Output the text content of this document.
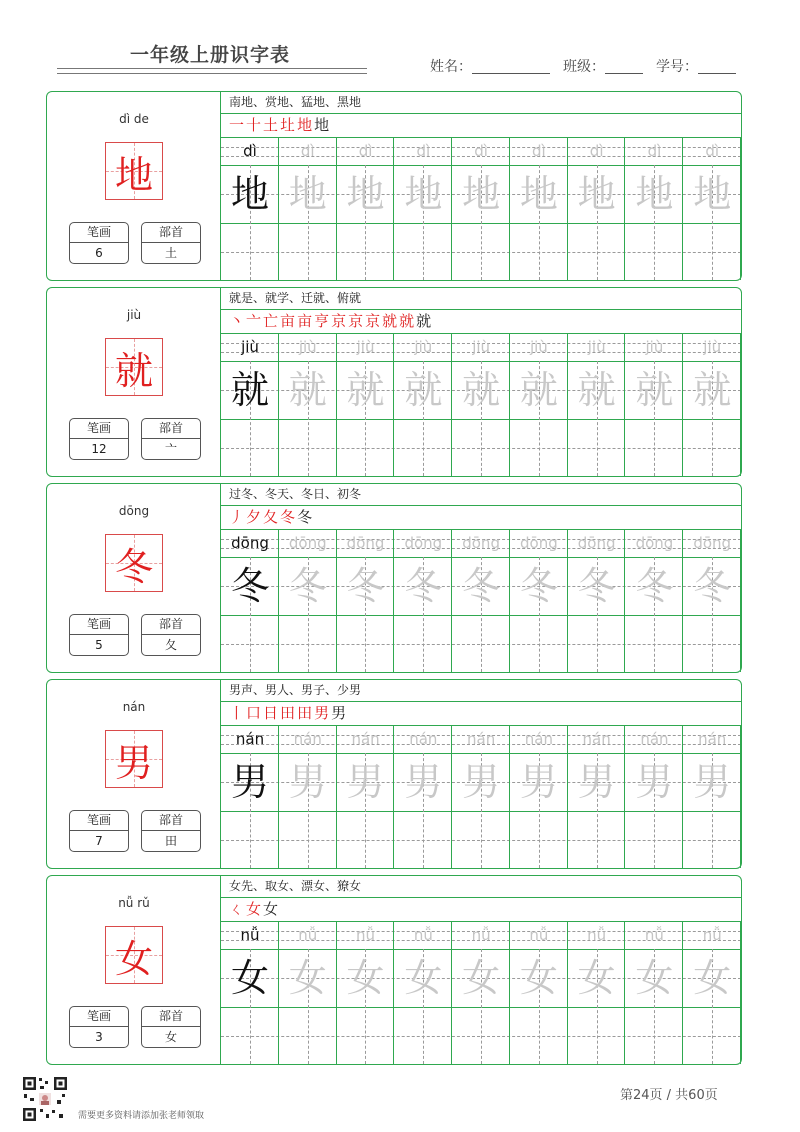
一年级上册识字表
姓名：	班级：	学号：
dì de
地
笔画
6
部首
土
南地、赏地、猛地、黑地
一十土圵地地
dì
地
dì
地
dì
地
dì
地
dì
地
dì
地
dì
地
dì
地
dì
地
jiù
就
笔画
12
部首
亠
就是、就学、迁就、俯就
丶亠亡亩亩亨京京京就就就
jiù
就
jiù
就
jiù
就
jiù
就
jiù
就
jiù
就
jiù
就
jiù
就
jiù
就
dōng
冬
笔画
5
部首
夂
过冬、冬天、冬日、初冬
丿夕夂冬冬
dōng
冬
dōng
冬
dōng
冬
dōng
冬
dōng
冬
dōng
冬
dōng
冬
dōng
冬
dōng
冬
nán
男
笔画
7
部首
田
男声、男人、男子、少男
丨口日田田男男
nán
男
nán
男
nán
男
nán
男
nán
男
nán
男
nán
男
nán
男
nán
男
nǚ rǔ
女
笔画
3
部首
女
女先、取女、漂女、獠女
ㄑ女女
nǚ
女
nǚ
女
nǚ
女
nǚ
女
nǚ
女
nǚ
女
nǚ
女
nǚ
女
nǚ
女
需要更多资料请添加张老师领取
第24页 / 共60页
